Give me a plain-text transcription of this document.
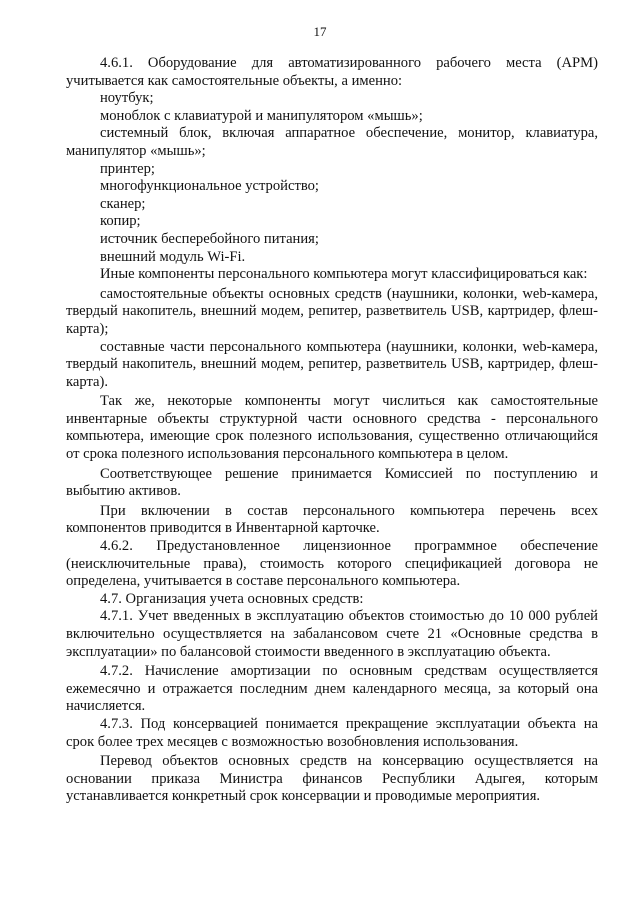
17

4.6.1. Оборудование для автоматизированного рабочего места (АРМ) учитывается как самостоятельные объекты, а именно:

ноутбук;

моноблок с клавиатурой и манипулятором «мышь»;

системный блок, включая аппаратное обеспечение, монитор, клавиатура, манипулятор «мышь»;

принтер;

многофункциональное устройство;

сканер;

копир;

источник бесперебойного питания;

внешний модуль Wi-Fi.

Иные компоненты персонального компьютера могут классифицироваться как:

самостоятельные объекты основных средств (наушники, колонки, web-камера, твердый накопитель, внешний модем, репитер, разветвитель USB, картридер, флеш-карта);

составные части персонального компьютера (наушники, колонки, web-камера, твердый накопитель, внешний модем, репитер, разветвитель USB, картридер, флеш-карта).

Так же, некоторые компоненты могут числиться как самостоятельные инвентарные объекты структурной части основного средства - персонального компьютера, имеющие срок полезного использования, существенно отличающийся от срока полезного использования персонального компьютера в целом.

Соответствующее решение принимается Комиссией по поступлению и выбытию активов.

При включении в состав персонального компьютера перечень всех компонентов приводится в Инвентарной карточке.

4.6.2. Предустановленное лицензионное программное обеспечение (неисключительные права), стоимость которого спецификацией договора не определена, учитывается в составе персонального компьютера.

4.7. Организация учета основных средств:

4.7.1. Учет введенных в эксплуатацию объектов стоимостью до 10 000 рублей включительно осуществляется на забалансовом счете 21 «Основные средства в эксплуатации» по балансовой стоимости введенного в эксплуатацию объекта.

4.7.2. Начисление амортизации по основным средствам осуществляется ежемесячно и отражается последним днем календарного месяца, за который она начисляется.

4.7.3. Под консервацией понимается прекращение эксплуатации объекта на срок более трех месяцев с возможностью возобновления использования.

Перевод объектов основных средств на консервацию осуществляется на основании приказа Министра финансов Республики Адыгея, которым устанавливается конкретный срок консервации и проводимые мероприятия.
